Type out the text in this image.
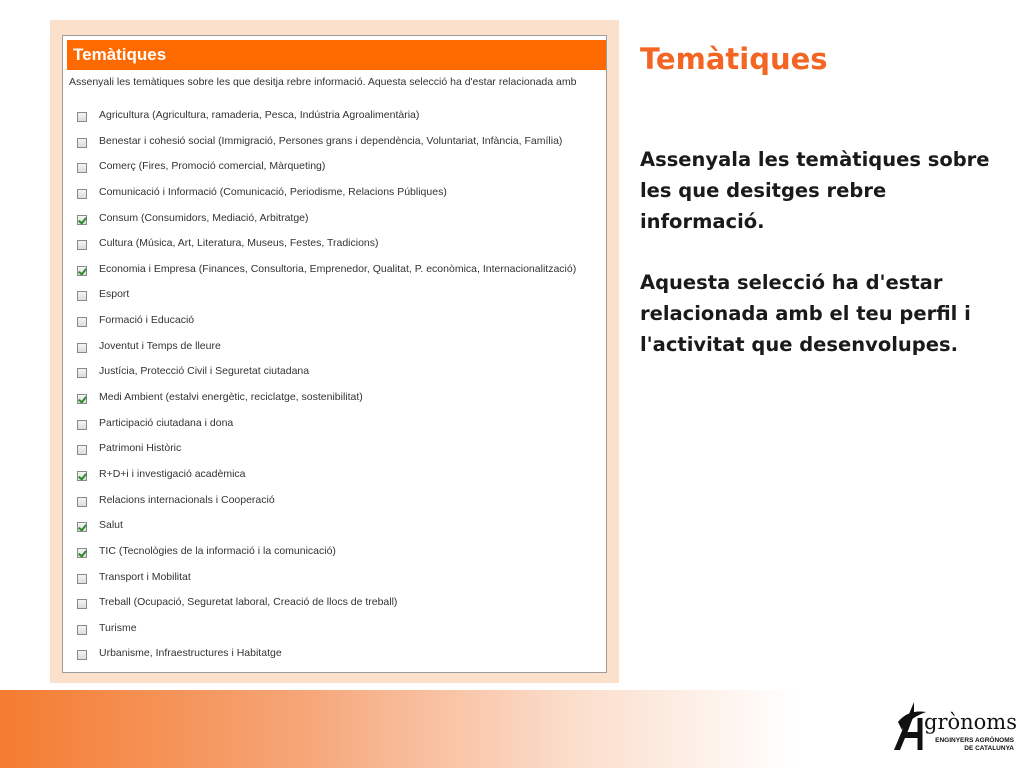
Temàtiques
Assenyali les temàtiques sobre les que desitja rebre informació. Aquesta selecció ha d'estar relacionada amb
Agricultura (Agricultura, ramaderia, Pesca, Indústria Agroalimentària)
Benestar i cohesió social (Immigració, Persones grans i dependència, Voluntariat, Infància, Família)
Comerç (Fires, Promoció comercial, Màrqueting)
Comunicació i Informació (Comunicació, Periodisme, Relacions Públiques)
Consum (Consumidors, Mediació, Arbitratge)
Cultura (Música, Art, Literatura, Museus, Festes, Tradicions)
Economia i Empresa (Finances, Consultoria, Emprenedor, Qualitat, P. econòmica, Internacionalització)
Esport
Formació i Educació
Joventut i Temps de lleure
Justícia, Protecció Civil i Seguretat ciutadana
Medi Ambient (estalvi energètic, reciclatge, sostenibilitat)
Participació ciutadana i dona
Patrimoni Històric
R+D+i i investigació acadèmica
Relacions internacionals i Cooperació
Salut
TIC (Tecnològies de la informació i la comunicació)
Transport i Mobilitat
Treball (Ocupació, Seguretat laboral, Creació de llocs de treball)
Turisme
Urbanisme, Infraestructures i Habitatge
Temàtiques

Assenyala les temàtiques sobre les que desitges rebre informació.

Aquesta selecció ha d'estar relacionada amb el teu perfil i l'activitat que desenvolupes.

grònoms
ENGINYERS AGRÒNOMS
DE CATALUNYA
